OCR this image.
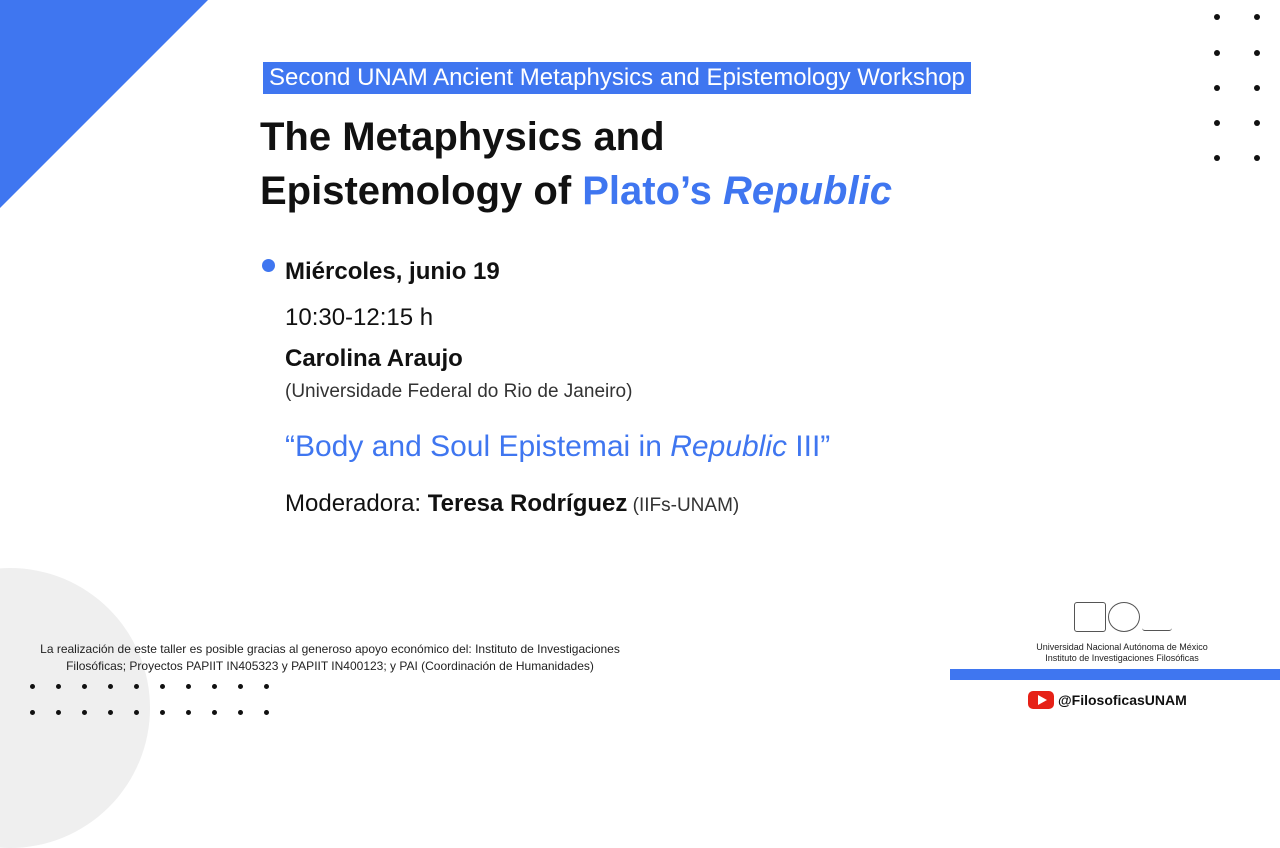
Second UNAM Ancient Metaphysics and Epistemology Workshop
The Metaphysics and
Epistemology of Plato’s Republic
Miércoles, junio 19
10:30-12:15 h
Carolina Araujo
(Universidade Federal do Rio de Janeiro)
“Body and Soul Epistemai in Republic III”
Moderadora: Teresa Rodríguez (IIFs-UNAM)
La realización de este taller es posible gracias al generoso apoyo económico del: Instituto de Investigaciones Filosóficas; Proyectos PAPIIT IN405323 y PAPIIT IN400123; y PAI (Coordinación de Humanidades)
Universidad Nacional Autónoma de México
Instituto de Investigaciones Filosóficas
@FilosoficasUNAM
